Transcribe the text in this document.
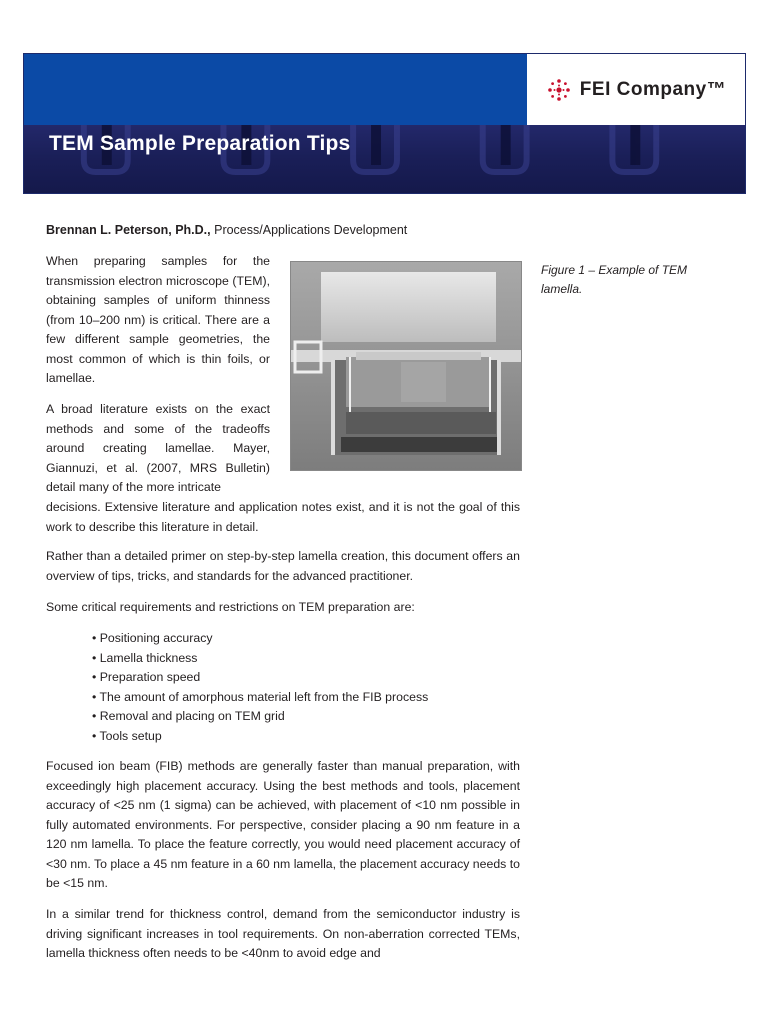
TEM Sample Preparation Tips
FEI Company™
Brennan L. Peterson, Ph.D., Process/Applications Development

When preparing samples for the transmission electron microscope (TEM), obtaining samples of uniform thinness (from 10–200 nm) is critical. There are a few different sample geometries, the most common of which is thin foils, or lamellae.

A broad literature exists on the exact methods and some of the tradeoffs around creating lamellae. Mayer, Giannuzi, et al. (2007, MRS Bulletin) detail many of the more intricate

decisions. Extensive literature and application notes exist, and it is not the goal of this work to describe this literature in detail.

Rather than a detailed primer on step-by-step lamella creation, this document offers an overview of tips, tricks, and standards for the advanced practitioner.

Some critical requirements and restrictions on TEM preparation are:

• Positioning accuracy
• Lamella thickness
• Preparation speed
• The amount of amorphous material left from the FIB process
• Removal and placing on TEM grid
• Tools setup

Focused ion beam (FIB) methods are generally faster than manual preparation, with exceedingly high placement accuracy. Using the best methods and tools, placement accuracy of <25 nm (1 sigma) can be achieved, with placement of <10 nm possible in fully automated environments. For perspective, consider placing a 90 nm feature in a 120 nm lamella. To place the feature correctly, you would need placement accuracy of <30 nm. To place a 45 nm feature in a 60 nm lamella, the placement accuracy needs to be <15 nm.

In a similar trend for thickness control, demand from the semiconductor industry is driving significant increases in tool requirements. On non-aberration corrected TEMs, lamella thickness often needs to be <40nm to avoid edge and

Figure 1 – Example of TEM lamella.
